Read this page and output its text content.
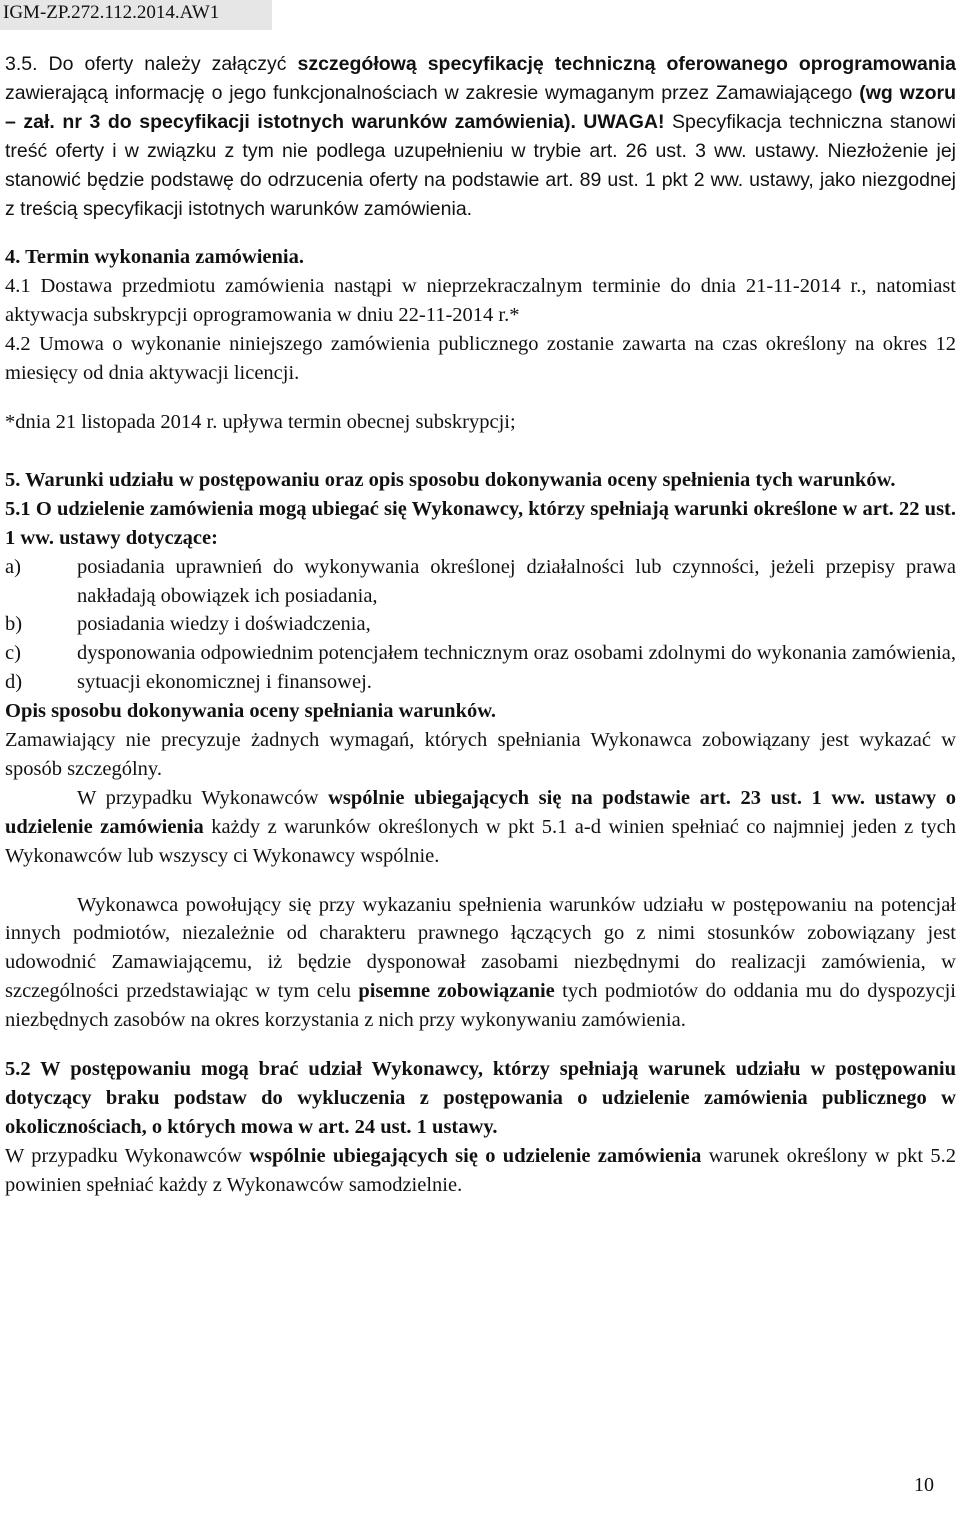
IGM-ZP.272.112.2014.AW1

3.5. Do oferty należy załączyć szczegółową specyfikację techniczną oferowanego oprogramowania zawierającą informację o jego funkcjonalnościach w zakresie wymaganym przez Zamawiającego (wg wzoru – zał. nr 3 do specyfikacji istotnych warunków zamówienia). UWAGA! Specyfikacja techniczna stanowi treść oferty i w związku z tym nie podlega uzupełnieniu w trybie art. 26 ust. 3 ww. ustawy. Niezłożenie jej stanowić będzie podstawę do odrzucenia oferty na podstawie art. 89 ust. 1 pkt 2 ww. ustawy, jako niezgodnej z treścią specyfikacji istotnych warunków zamówienia.

4. Termin wykonania zamówienia.

4.1 Dostawa przedmiotu zamówienia nastąpi w nieprzekraczalnym terminie do dnia 21-11-2014 r., natomiast aktywacja subskrypcji oprogramowania w dniu 22-11-2014 r.*

4.2 Umowa o wykonanie niniejszego zamówienia publicznego zostanie zawarta na czas określony na okres 12 miesięcy od dnia aktywacji licencji.

*dnia 21 listopada 2014 r. upływa termin obecnej subskrypcji;

5. Warunki udziału w postępowaniu oraz opis sposobu dokonywania oceny spełnienia tych warunków.

5.1 O udzielenie zamówienia mogą ubiegać się Wykonawcy, którzy spełniają warunki określone w art. 22 ust. 1 ww. ustawy dotyczące:

a)	posiadania uprawnień do wykonywania określonej działalności lub czynności, jeżeli przepisy prawa nakładają obowiązek ich posiadania,
b)	posiadania wiedzy i doświadczenia,
c)	dysponowania odpowiednim potencjałem technicznym oraz osobami zdolnymi do wykonania zamówienia,
d)	sytuacji ekonomicznej i finansowej.

Opis sposobu dokonywania oceny spełniania warunków.

Zamawiający nie precyzuje żadnych wymagań, których spełniania Wykonawca zobowiązany jest wykazać w sposób szczególny.

W przypadku Wykonawców wspólnie ubiegających się na podstawie art. 23 ust. 1 ww. ustawy o udzielenie zamówienia każdy z warunków określonych w pkt 5.1 a-d winien spełniać co najmniej jeden z tych Wykonawców lub wszyscy ci Wykonawcy wspólnie.

Wykonawca powołujący się przy wykazaniu spełnienia warunków udziału w postępowaniu na potencjał innych podmiotów, niezależnie od charakteru prawnego łączących go z nimi stosunków zobowiązany jest udowodnić Zamawiającemu, iż będzie dysponował zasobami niezbędnymi do realizacji zamówienia, w szczególności przedstawiając w tym celu pisemne zobowiązanie tych podmiotów do oddania mu do dyspozycji niezbędnych zasobów na okres korzystania z nich przy wykonywaniu zamówienia.

5.2 W postępowaniu mogą brać udział Wykonawcy, którzy spełniają warunek udziału w postępowaniu dotyczący braku podstaw do wykluczenia z postępowania o udzielenie zamówienia publicznego w okolicznościach, o których mowa w art. 24 ust. 1 ustawy.

W przypadku Wykonawców wspólnie ubiegających się o udzielenie zamówienia warunek określony w pkt 5.2 powinien spełniać każdy z Wykonawców samodzielnie.

10
